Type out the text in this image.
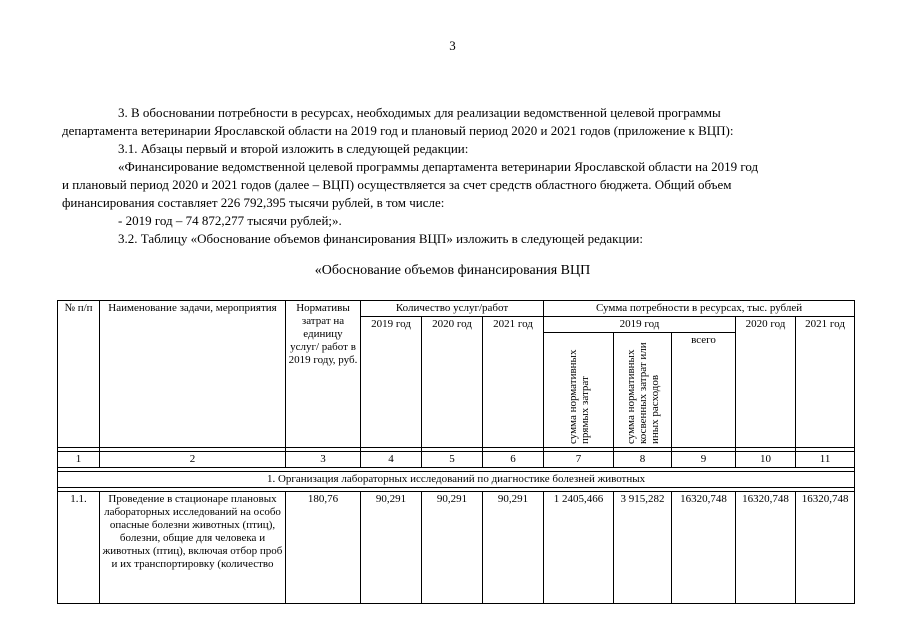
3
3. В обосновании потребности в ресурсах, необходимых для реализации ведомственной целевой программы
департамента ветеринарии Ярославской области на 2019 год и плановый период 2020 и 2021 годов (приложение к ВЦП):
3.1. Абзацы первый и второй изложить в следующей редакции:
«Финансирование ведомственной целевой программы департамента ветеринарии Ярославской области на 2019 год
и плановый период 2020 и 2021 годов (далее – ВЦП) осуществляется за счет средств областного бюджета. Общий объем
финансирования составляет 226 792,395 тысячи рублей, в том числе:
- 2019 год – 74 872,277 тысячи рублей;».
3.2. Таблицу «Обоснование объемов финансирования ВЦП» изложить в следующей редакции:
«Обоснование объемов финансирования ВЦП
№ п/п	Наименование задачи, мероприятия	Нормативы затрат на единицу услуг/ работ в 2019 году, руб.	Количество услуг/работ			Сумма потребности в ресурсах, тыс. рублей				
			2019 год	2020 год	2021 год	2019 год			2020 год	2021 год

						сумма нормативных прямых затрат	сумма нормативных косвенных затрат или иных расходов	всего		

1	2	3	4	5	6	7	8	9	10	11

1. Организация лабораторных исследований по диагностике болезней животных										

1.1.	Проведение в стационаре плановых лабораторных исследований на особо опасные болезни животных (птиц), болезни, общие для человека и животных (птиц), включая отбор проб и их транспортировку (количество	180,76	90,291	90,291	90,291	1 2405,466	3 915,282	16320,748	16320,748	16320,748
